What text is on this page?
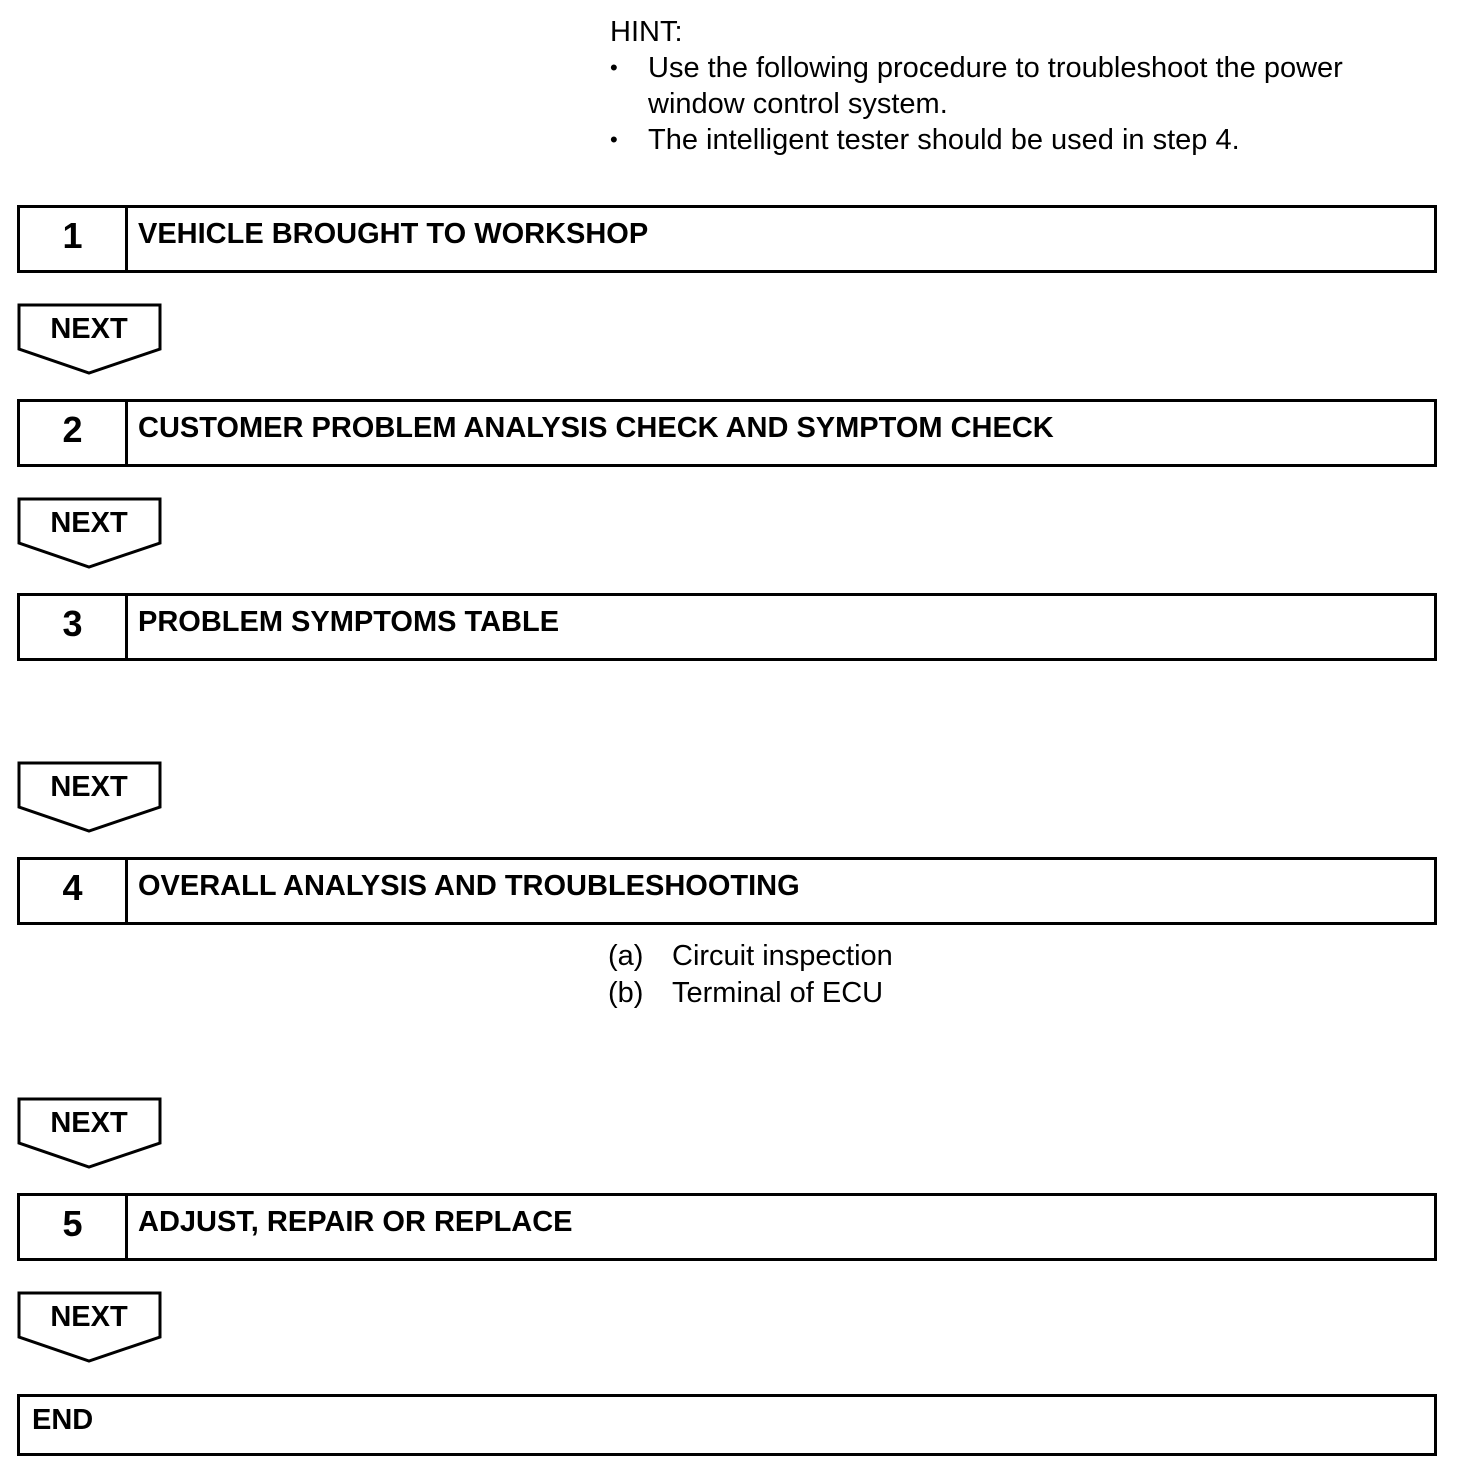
HINT:

• Use the following procedure to troubleshoot the power window control system.
• The intelligent tester should be used in step 4.
1	VEHICLE BROUGHT TO WORKSHOP
NEXT
2	CUSTOMER PROBLEM ANALYSIS CHECK AND SYMPTOM CHECK
NEXT
3	PROBLEM SYMPTOMS TABLE
NEXT
4	OVERALL ANALYSIS AND TROUBLESHOOTING
(a) Circuit inspection
(b) Terminal of ECU
NEXT
5	ADJUST, REPAIR OR REPLACE
NEXT
END
